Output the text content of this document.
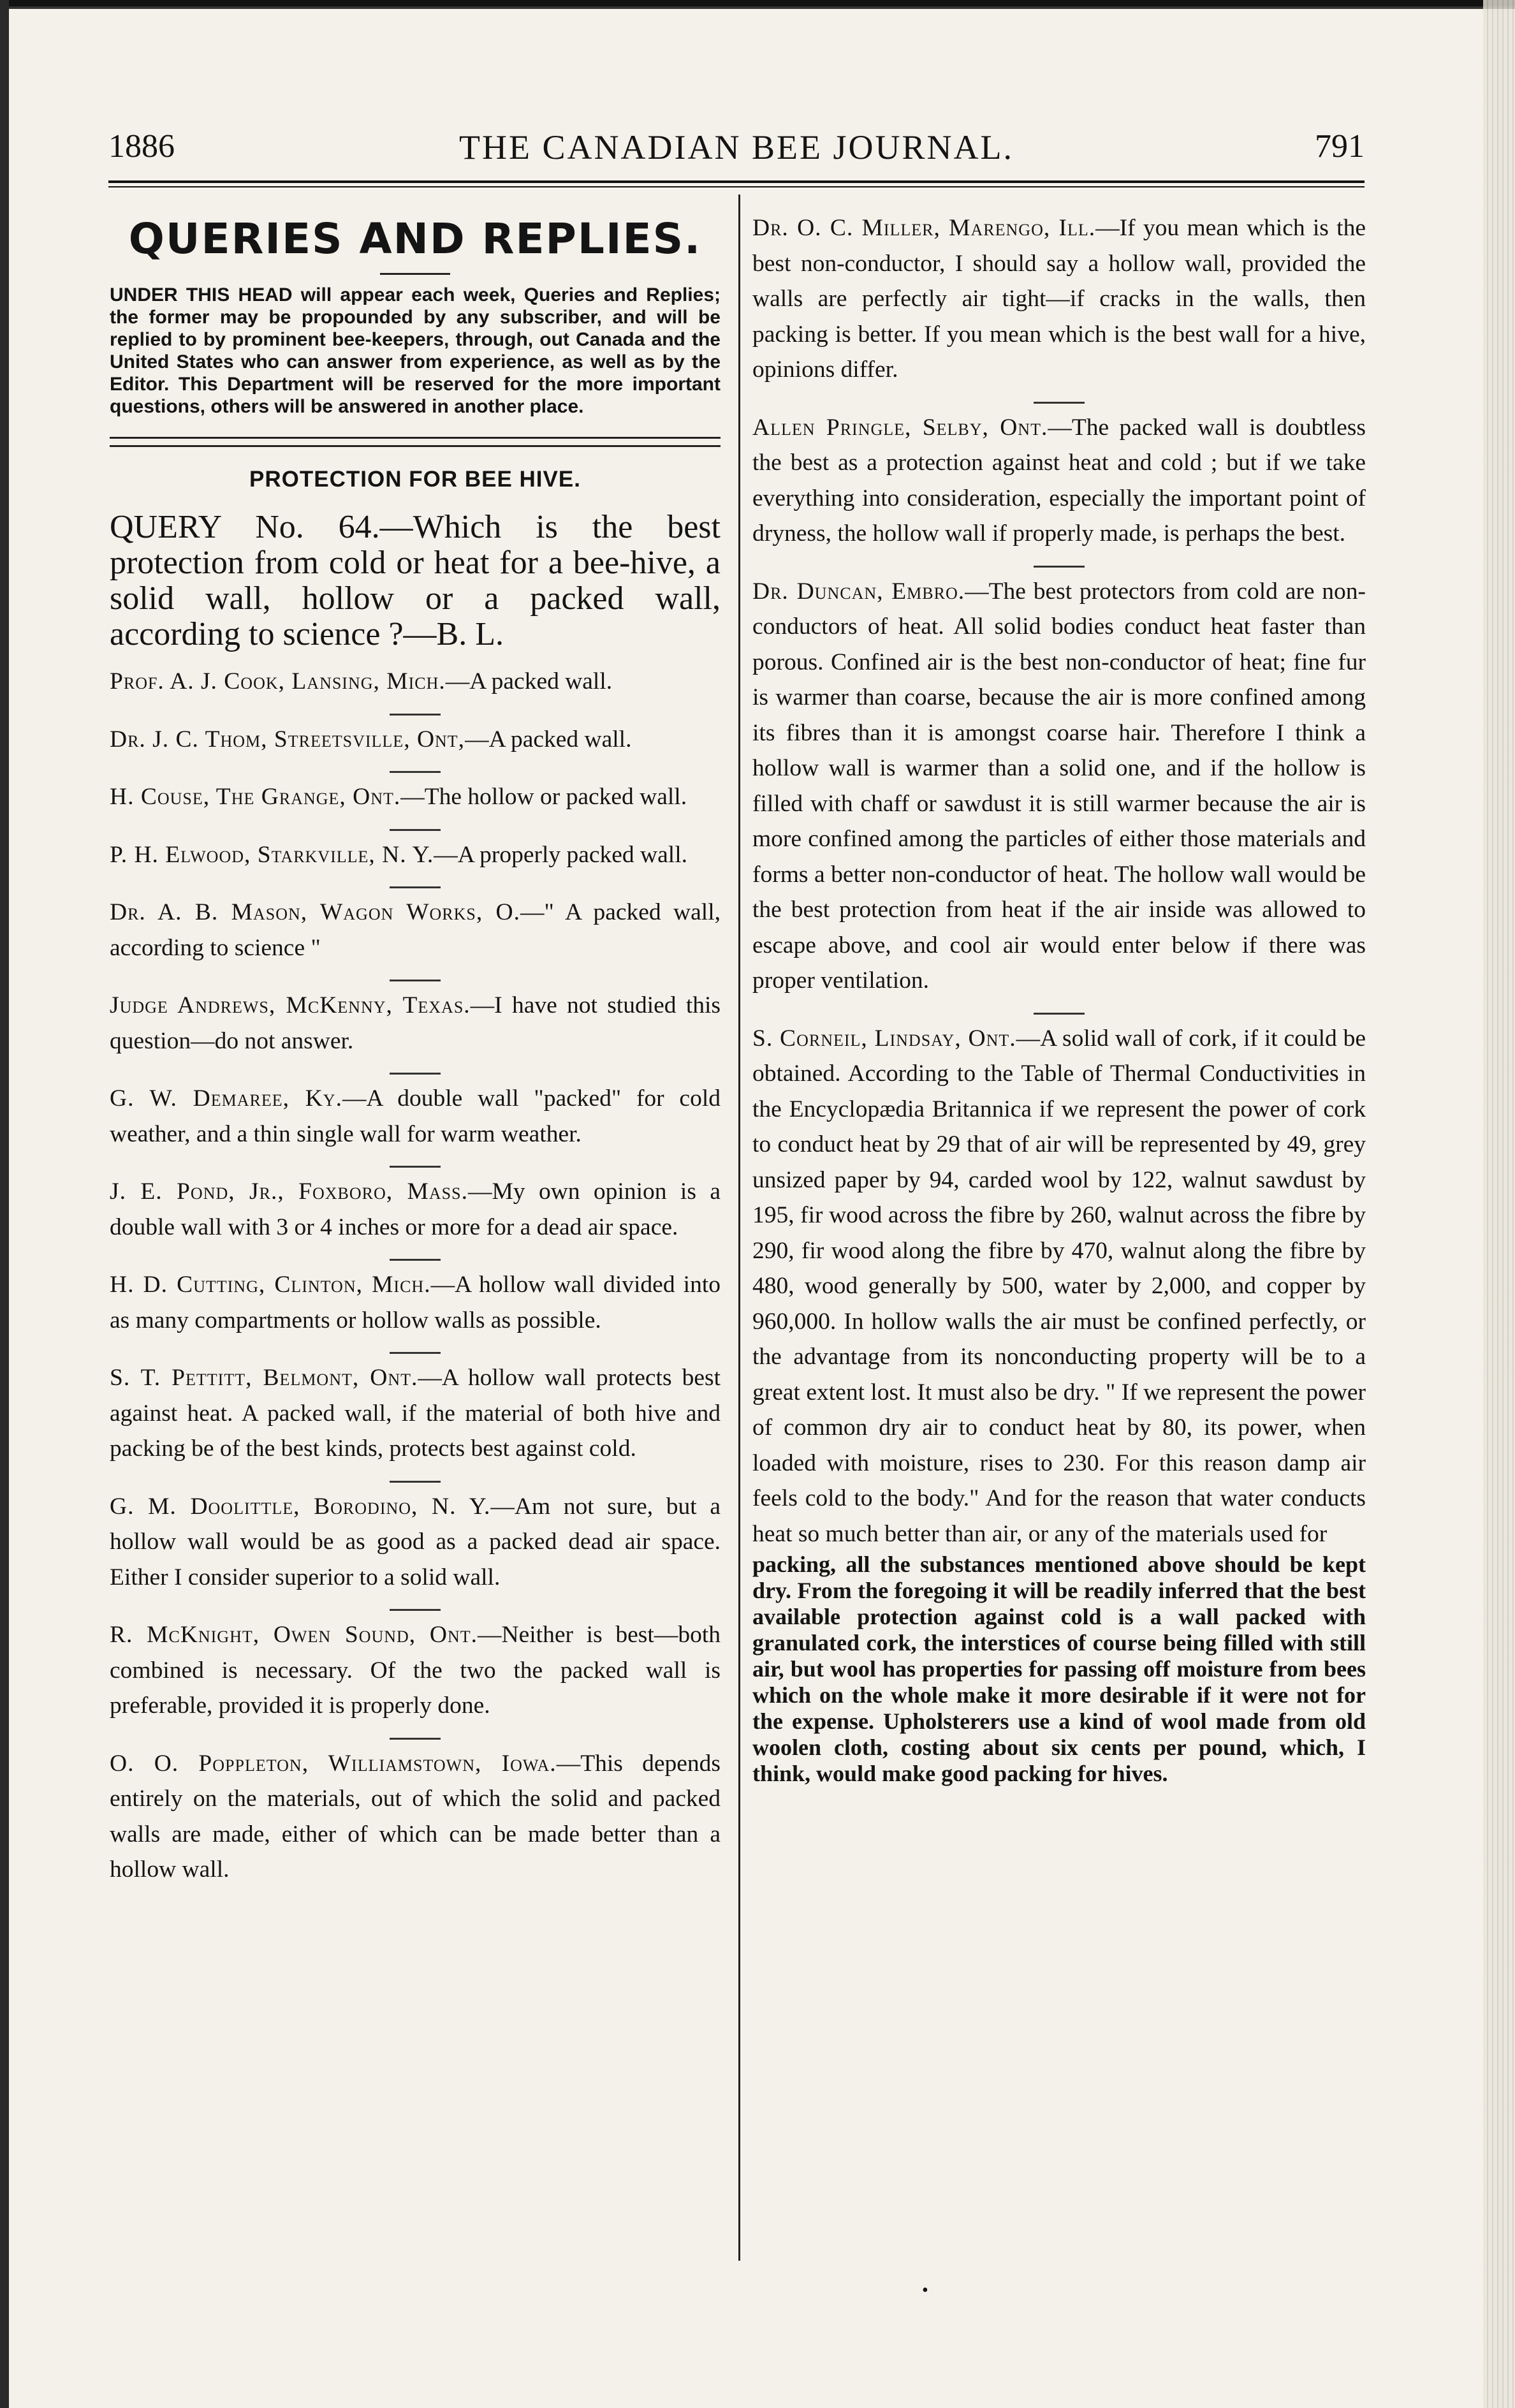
1886	THE CANADIAN BEE JOURNAL.	791
QUERIES AND REPLIES.

UNDER THIS HEAD will appear each week, Queries and Replies; the former may be propounded by any subscriber, and will be replied to by prominent bee-keepers, through, out Canada and the United States who can answer from experience, as well as by the Editor. This Department will be reserved for the more important questions, others will be answered in another place.

PROTECTION FOR BEE HIVE.

QUERY No. 64.—Which is the best protection from cold or heat for a bee-hive, a solid wall, hollow or a packed wall, according to science ?—B. L.

Prof. A. J. Cook, Lansing, Mich.—A packed wall.

Dr. J. C. Thom, Streetsville, Ont,—A packed wall.

H. Couse, The Grange, Ont.—The hollow or packed wall.

P. H. Elwood, Starkville, N. Y.—A properly packed wall.

Dr. A. B. Mason, Wagon Works, O.—" A packed wall, according to science "

Judge Andrews, McKenny, Texas.—I have not studied this question—do not answer.

G. W. Demaree, Ky.—A double wall "packed" for cold weather, and a thin single wall for warm weather.

J. E. Pond, Jr., Foxboro, Mass.—My own opinion is a double wall with 3 or 4 inches or more for a dead air space.

H. D. Cutting, Clinton, Mich.—A hollow wall divided into as many compartments or hollow walls as possible.

S. T. Pettitt, Belmont, Ont.—A hollow wall protects best against heat. A packed wall, if the material of both hive and packing be of the best kinds, protects best against cold.

G. M. Doolittle, Borodino, N. Y.—Am not sure, but a hollow wall would be as good as a packed dead air space. Either I consider superior to a solid wall.

R. McKnight, Owen Sound, Ont.—Neither is best—both combined is necessary. Of the two the packed wall is preferable, provided it is properly done.

O. O. Poppleton, Williamstown, Iowa.—This depends entirely on the materials, out of which the solid and packed walls are made, either of which can be made better than a hollow wall.

Dr. O. C. Miller, Marengo, Ill.—If you mean which is the best non-conductor, I should say a hollow wall, provided the walls are perfectly air tight—if cracks in the walls, then packing is better. If you mean which is the best wall for a hive, opinions differ.

Allen Pringle, Selby, Ont.—The packed wall is doubtless the best as a protection against heat and cold ; but if we take everything into consideration, especially the important point of dryness, the hollow wall if properly made, is perhaps the best.

Dr. Duncan, Embro.—The best protectors from cold are non-conductors of heat. All solid bodies conduct heat faster than porous. Confined air is the best non-conductor of heat; fine fur is warmer than coarse, because the air is more confined among its fibres than it is amongst coarse hair. Therefore I think a hollow wall is warmer than a solid one, and if the hollow is filled with chaff or sawdust it is still warmer because the air is more confined among the particles of either those materials and forms a better non-conductor of heat. The hollow wall would be the best protection from heat if the air inside was allowed to escape above, and cool air would enter below if there was proper ventilation.

S. Corneil, Lindsay, Ont.—A solid wall of cork, if it could be obtained. According to the Table of Thermal Conductivities in the Encyclopædia Britannica if we represent the power of cork to conduct heat by 29 that of air will be represented by 49, grey unsized paper by 94, carded wool by 122, walnut sawdust by 195, fir wood across the fibre by 260, walnut across the fibre by 290, fir wood along the fibre by 470, walnut along the fibre by 480, wood generally by 500, water by 2,000, and copper by 960,000. In hollow walls the air must be confined perfectly, or the advantage from its nonconducting property will be to a great extent lost. It must also be dry. " If we represent the power of common dry air to conduct heat by 80, its power, when loaded with moisture, rises to 230. For this reason damp air feels cold to the body." And for the reason that water conducts heat so much better than air, or any of the materials used for

packing, all the substances mentioned above should be kept dry. From the foregoing it will be readily inferred that the best available protection against cold is a wall packed with granulated cork, the interstices of course being filled with still air, but wool has properties for passing off moisture from bees which on the whole make it more desirable if it were not for the expense. Upholsterers use a kind of wool made from old woolen cloth, costing about six cents per pound, which, I think, would make good packing for hives.

•
